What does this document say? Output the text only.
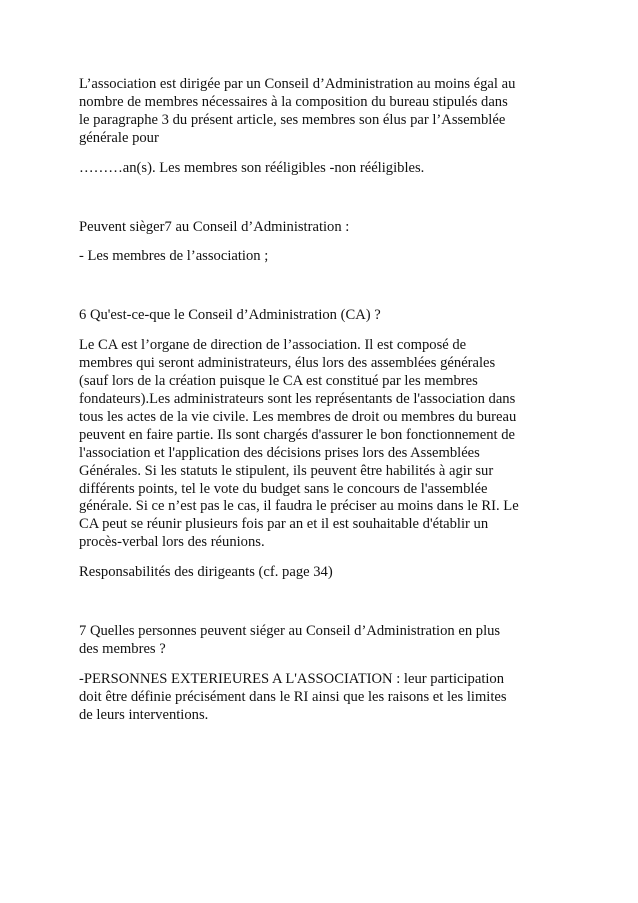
L’association est dirigée par un Conseil d’Administration au moins égal au
nombre de membres nécessaires à la composition du bureau stipulés dans
le paragraphe 3 du présent article, ses membres son élus par l’Assemblée
générale pour
………an(s). Les membres son rééligibles -non rééligibles.
Peuvent sièger7 au Conseil d’Administration :
- Les membres de l’association ;
6 Qu'est-ce-que le Conseil d’Administration (CA) ?
Le CA est l’organe de direction de l’association. Il est composé de
membres qui seront administrateurs, élus lors des assemblées générales
(sauf lors de la création puisque le CA est constitué par les membres
fondateurs).Les administrateurs sont les représentants de l'association dans
tous les actes de la vie civile. Les membres de droit ou membres du bureau
peuvent en faire partie. Ils sont chargés d'assurer le bon fonctionnement de
l'association et l'application des décisions prises lors des Assemblées
Générales. Si les statuts le stipulent, ils peuvent être habilités à agir sur
différents points, tel le vote du budget sans le concours de l'assemblée
générale. Si ce n’est pas le cas, il faudra le préciser au moins dans le RI. Le
CA peut se réunir plusieurs fois par an et il est souhaitable d'établir un
procès-verbal lors des réunions.
Responsabilités des dirigeants (cf. page 34)
7 Quelles personnes peuvent siéger au Conseil d’Administration en plus
des membres ?
-PERSONNES EXTERIEURES A L'ASSOCIATION : leur participation
doit être définie précisément dans le RI ainsi que les raisons et les limites
de leurs interventions.
